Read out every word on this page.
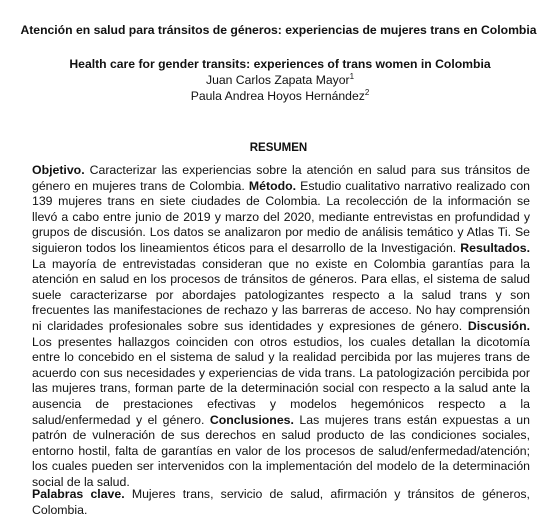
Atención en salud para tránsitos de géneros: experiencias de mujeres trans en Colombia
Health care for gender transits: experiences of trans women in Colombia
Juan Carlos Zapata Mayor$^1$
Paula Andrea Hoyos Hernández$^2$
RESUMEN

Objetivo. Caracterizar las experiencias sobre la atención en salud para sus tránsitos de género en mujeres trans de Colombia. Método. Estudio cualitativo narrativo realizado con 139 mujeres trans en siete ciudades de Colombia. La recolección de la información se llevó a cabo entre junio de 2019 y marzo del 2020, mediante entrevistas en profundidad y grupos de discusión. Los datos se analizaron por medio de análisis temático y Atlas Ti. Se siguieron todos los lineamientos éticos para el desarrollo de la Investigación. Resultados. La mayoría de entrevistadas consideran que no existe en Colombia garantías para la atención en salud en los procesos de tránsitos de géneros. Para ellas, el sistema de salud suele caracterizarse por abordajes patologizantes respecto a la salud trans y son frecuentes las manifestaciones de rechazo y las barreras de acceso. No hay comprensión ni claridades profesionales sobre sus identidades y expresiones de género. Discusión. Los presentes hallazgos coinciden con otros estudios, los cuales detallan la dicotomía entre lo concebido en el sistema de salud y la realidad percibida por las mujeres trans de acuerdo con sus necesidades y experiencias de vida trans. La patologización percibida por las mujeres trans, forman parte de la determinación social con respecto a la salud ante la ausencia de prestaciones efectivas y modelos hegemónicos respecto a la salud/enfermedad y el género. Conclusiones. Las mujeres trans están expuestas a un patrón de vulneración de sus derechos en salud producto de las condiciones sociales, entorno hostil, falta de garantías en valor de los procesos de salud/enfermedad/atención; los cuales pueden ser intervenidos con la implementación del modelo de la determinación social de la salud.

Palabras clave. Mujeres trans, servicio de salud, afirmación y tránsitos de géneros, Colombia.
